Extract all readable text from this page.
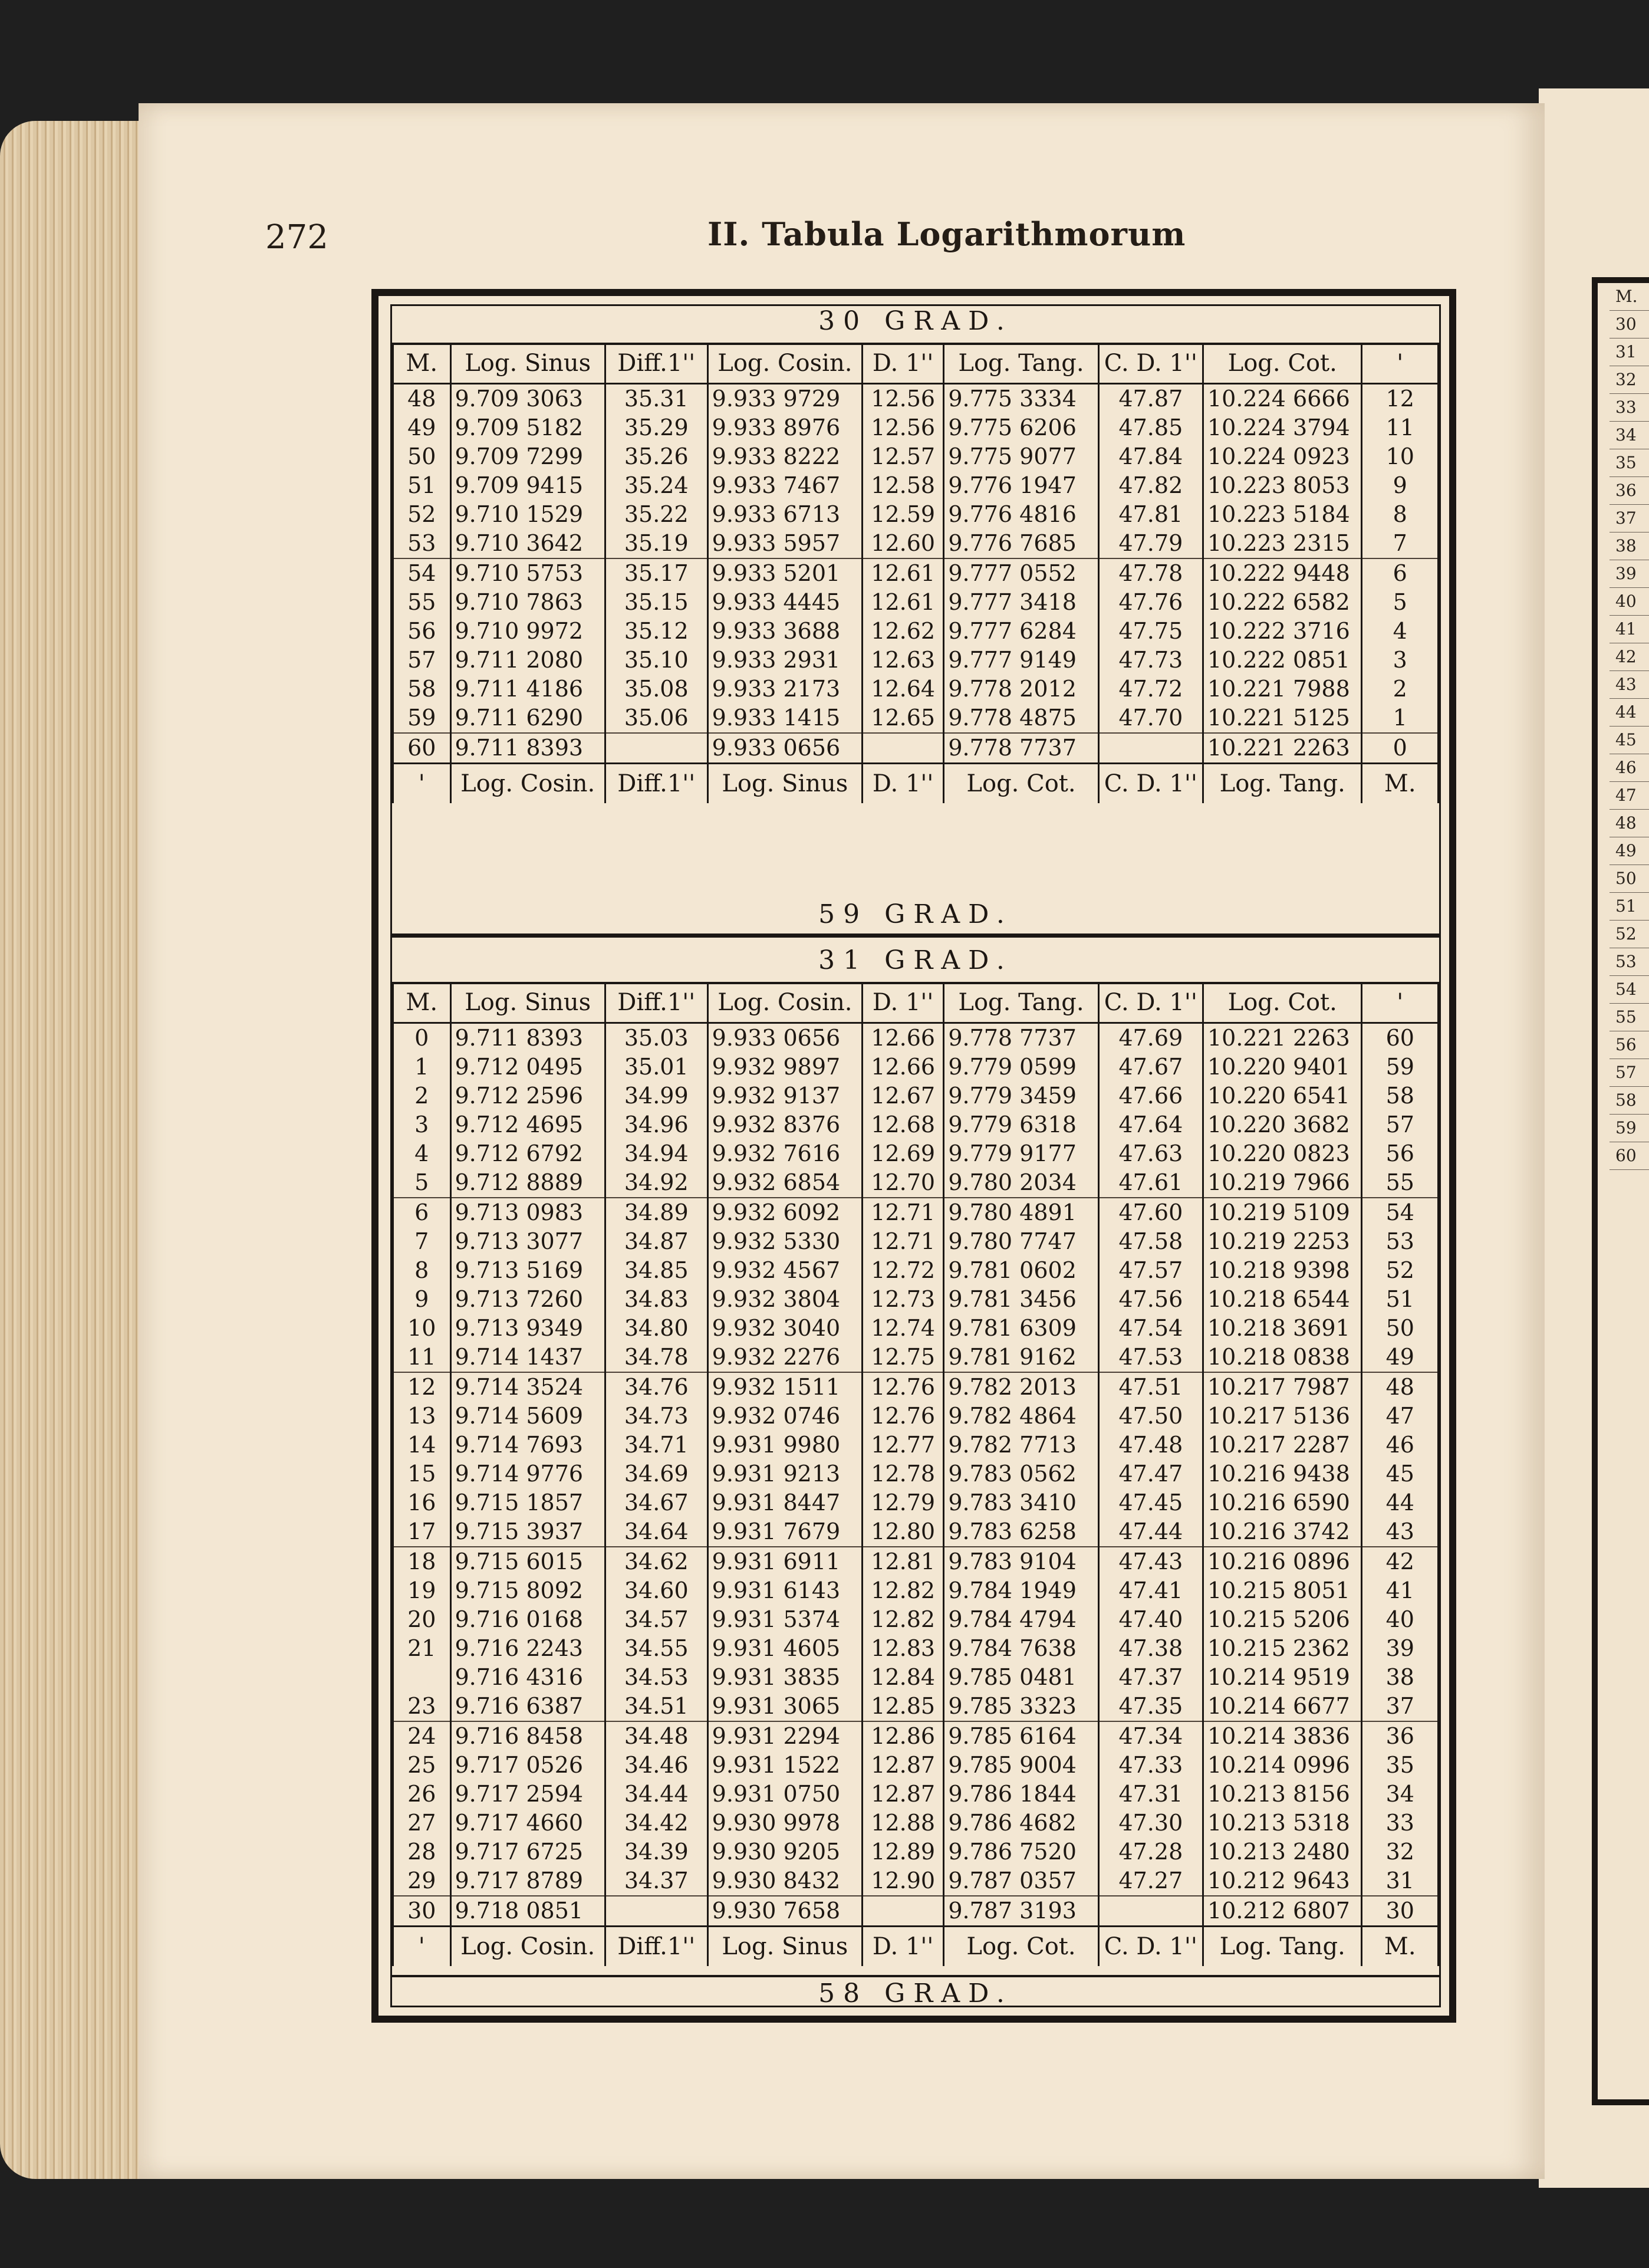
M.
30
31
32
33
34
35
36
37
38
39
40
41
42
43
44
45
46
47
48
49
50
51
52
53
54
55
56
57
58
59
60
272	II. Tabula Logarithmorum
30 GRAD.
M.	Log. Sinus	Diff.1''	Log. Cosin.	D. 1''	Log. Tang.	C. D. 1''	Log. Cot.	'
48	9.709 3063	35.31	9.933 9729	12.56	9.775 3334	47.87	10.224 6666	12
49	9.709 5182	35.29	9.933 8976	12.56	9.775 6206	47.85	10.224 3794	11
50	9.709 7299	35.26	9.933 8222	12.57	9.775 9077	47.84	10.224 0923	10
51	9.709 9415	35.24	9.933 7467	12.58	9.776 1947	47.82	10.223 8053	9
52	9.710 1529	35.22	9.933 6713	12.59	9.776 4816	47.81	10.223 5184	8
53	9.710 3642	35.19	9.933 5957	12.60	9.776 7685	47.79	10.223 2315	7
54	9.710 5753	35.17	9.933 5201	12.61	9.777 0552	47.78	10.222 9448	6
55	9.710 7863	35.15	9.933 4445	12.61	9.777 3418	47.76	10.222 6582	5
56	9.710 9972	35.12	9.933 3688	12.62	9.777 6284	47.75	10.222 3716	4
57	9.711 2080	35.10	9.933 2931	12.63	9.777 9149	47.73	10.222 0851	3
58	9.711 4186	35.08	9.933 2173	12.64	9.778 2012	47.72	10.221 7988	2
59	9.711 6290	35.06	9.933 1415	12.65	9.778 4875	47.70	10.221 5125	1
60	9.711 8393		9.933 0656		9.778 7737		10.221 2263	0
'	Log. Cosin.	Diff.1''	Log. Sinus	D. 1''	Log. Cot.	C. D. 1''	Log. Tang.	M.
59 GRAD.
31 GRAD.
M.	Log. Sinus	Diff.1''	Log. Cosin.	D. 1''	Log. Tang.	C. D. 1''	Log. Cot.	'
0	9.711 8393	35.03	9.933 0656	12.66	9.778 7737	47.69	10.221 2263	60
1	9.712 0495	35.01	9.932 9897	12.66	9.779 0599	47.67	10.220 9401	59
2	9.712 2596	34.99	9.932 9137	12.67	9.779 3459	47.66	10.220 6541	58
3	9.712 4695	34.96	9.932 8376	12.68	9.779 6318	47.64	10.220 3682	57
4	9.712 6792	34.94	9.932 7616	12.69	9.779 9177	47.63	10.220 0823	56
5	9.712 8889	34.92	9.932 6854	12.70	9.780 2034	47.61	10.219 7966	55
6	9.713 0983	34.89	9.932 6092	12.71	9.780 4891	47.60	10.219 5109	54
7	9.713 3077	34.87	9.932 5330	12.71	9.780 7747	47.58	10.219 2253	53
8	9.713 5169	34.85	9.932 4567	12.72	9.781 0602	47.57	10.218 9398	52
9	9.713 7260	34.83	9.932 3804	12.73	9.781 3456	47.56	10.218 6544	51
10	9.713 9349	34.80	9.932 3040	12.74	9.781 6309	47.54	10.218 3691	50
11	9.714 1437	34.78	9.932 2276	12.75	9.781 9162	47.53	10.218 0838	49
12	9.714 3524	34.76	9.932 1511	12.76	9.782 2013	47.51	10.217 7987	48
13	9.714 5609	34.73	9.932 0746	12.76	9.782 4864	47.50	10.217 5136	47
14	9.714 7693	34.71	9.931 9980	12.77	9.782 7713	47.48	10.217 2287	46
15	9.714 9776	34.69	9.931 9213	12.78	9.783 0562	47.47	10.216 9438	45
16	9.715 1857	34.67	9.931 8447	12.79	9.783 3410	47.45	10.216 6590	44
17	9.715 3937	34.64	9.931 7679	12.80	9.783 6258	47.44	10.216 3742	43
18	9.715 6015	34.62	9.931 6911	12.81	9.783 9104	47.43	10.216 0896	42
19	9.715 8092	34.60	9.931 6143	12.82	9.784 1949	47.41	10.215 8051	41
20	9.716 0168	34.57	9.931 5374	12.82	9.784 4794	47.40	10.215 5206	40
21	9.716 2243	34.55	9.931 4605	12.83	9.784 7638	47.38	10.215 2362	39
	9.716 4316	34.53	9.931 3835	12.84	9.785 0481	47.37	10.214 9519	38
23	9.716 6387	34.51	9.931 3065	12.85	9.785 3323	47.35	10.214 6677	37
24	9.716 8458	34.48	9.931 2294	12.86	9.785 6164	47.34	10.214 3836	36
25	9.717 0526	34.46	9.931 1522	12.87	9.785 9004	47.33	10.214 0996	35
26	9.717 2594	34.44	9.931 0750	12.87	9.786 1844	47.31	10.213 8156	34
27	9.717 4660	34.42	9.930 9978	12.88	9.786 4682	47.30	10.213 5318	33
28	9.717 6725	34.39	9.930 9205	12.89	9.786 7520	47.28	10.213 2480	32
29	9.717 8789	34.37	9.930 8432	12.90	9.787 0357	47.27	10.212 9643	31
30	9.718 0851		9.930 7658		9.787 3193		10.212 6807	30
'	Log. Cosin.	Diff.1''	Log. Sinus	D. 1''	Log. Cot.	C. D. 1''	Log. Tang.	M.
58 GRAD.
